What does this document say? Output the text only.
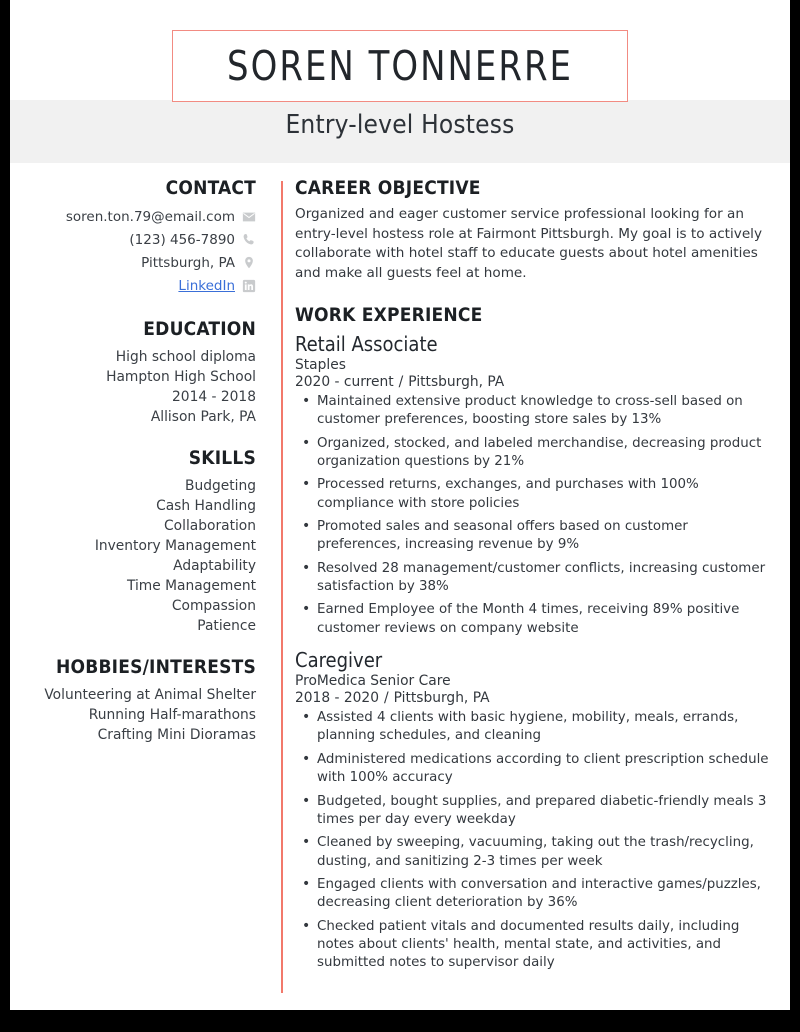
SOREN TONNERRE
Entry-level Hostess
CONTACT
soren.ton.79@email.com
(123) 456-7890
Pittsburgh, PA
LinkedIn
EDUCATION
High school diploma
Hampton High School
2014 - 2018
Allison Park, PA
SKILLS
Budgeting
Cash Handling
Collaboration
Inventory Management
Adaptability
Time Management
Compassion
Patience
HOBBIES/INTERESTS
Volunteering at Animal Shelter
Running Half-marathons
Crafting Mini Dioramas
CAREER OBJECTIVE
Organized and eager customer service professional looking for an entry-level hostess role at Fairmont Pittsburgh. My goal is to actively collaborate with hotel staff to educate guests about hotel amenities and make all guests feel at home.
WORK EXPERIENCE
Retail Associate
Staples
2020 - current / Pittsburgh, PA
• Maintained extensive product knowledge to cross-sell based on customer preferences, boosting store sales by 13%
• Organized, stocked, and labeled merchandise, decreasing product organization questions by 21%
• Processed returns, exchanges, and purchases with 100% compliance with store policies
• Promoted sales and seasonal offers based on customer preferences, increasing revenue by 9%
• Resolved 28 management/customer conflicts, increasing customer satisfaction by 38%
• Earned Employee of the Month 4 times, receiving 89% positive customer reviews on company website
Caregiver
ProMedica Senior Care
2018 - 2020 / Pittsburgh, PA
• Assisted 4 clients with basic hygiene, mobility, meals, errands, planning schedules, and cleaning
• Administered medications according to client prescription schedule with 100% accuracy
• Budgeted, bought supplies, and prepared diabetic-friendly meals 3 times per day every weekday
• Cleaned by sweeping, vacuuming, taking out the trash/recycling, dusting, and sanitizing 2-3 times per week
• Engaged clients with conversation and interactive games/puzzles, decreasing client deterioration by 36%
• Checked patient vitals and documented results daily, including notes about clients' health, mental state, and activities, and submitted notes to supervisor daily
